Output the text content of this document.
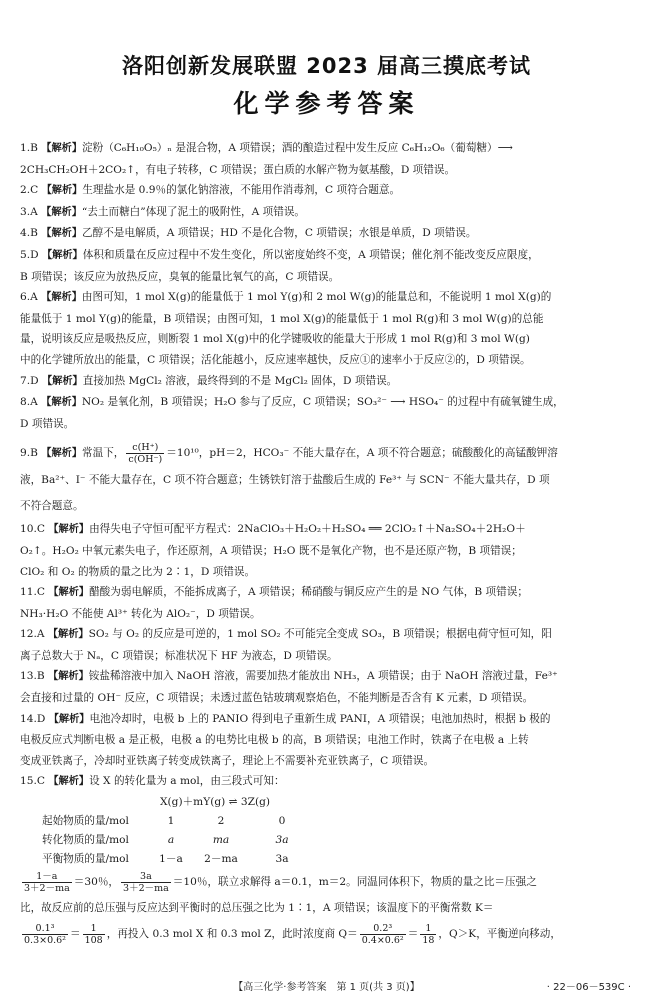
洛阳创新发展联盟 2023 届高三摸底考试
化学参考答案
1.B 【解析】淀粉（C₆H₁₀O₅）ₙ 是混合物，A 项错误；酒的酿造过程中发生反应 C₆H₁₂O₆（葡萄糖）⟶
2CH₃CH₂OH＋2CO₂↑，有电子转移，C 项错误；蛋白质的水解产物为氨基酸，D 项错误。
2.C 【解析】生理盐水是 0.9％的氯化钠溶液，不能用作消毒剂，C 项符合题意。
3.A 【解析】“去土而糖白”体现了泥土的吸附性，A 项错误。
4.B 【解析】乙醇不是电解质，A 项错误；HD 不是化合物，C 项错误；水银是单质，D 项错误。
5.D 【解析】体积和质量在反应过程中不发生变化，所以密度始终不变，A 项错误；催化剂不能改变反应限度，
B 项错误；该反应为放热反应，臭氧的能量比氧气的高，C 项错误。
6.A 【解析】由图可知，1 mol X(g)的能量低于 1 mol Y(g)和 2 mol W(g)的能量总和，不能说明 1 mol X(g)的
能量低于 1 mol Y(g)的能量，B 项错误；由图可知，1 mol X(g)的能量低于 1 mol R(g)和 3 mol W(g)的总能
量，说明该反应是吸热反应，则断裂 1 mol X(g)中的化学键吸收的能量大于形成 1 mol R(g)和 3 mol W(g)
中的化学键所放出的能量，C 项错误；活化能越小，反应速率越快，反应①的速率小于反应②的，D 项错误。
7.D 【解析】直接加热 MgCl₂ 溶液，最终得到的不是 MgCl₂ 固体，D 项错误。
8.A 【解析】NO₂ 是氧化剂，B 项错误；H₂O 参与了反应，C 项错误；SO₃²⁻ ⟶ HSO₄⁻ 的过程中有硫氧键生成，
D 项错误。
9.B 【解析】常温下， $\frac{c(H^+)}{c(OH^-)} =10^{10}$，pH＝2，HCO₃⁻ 不能大量存在，A 项不符合题意；硫酸酸化的高锰酸钾溶
液，Ba²⁺、I⁻ 不能大量存在，C 项不符合题意；生锈铁钉溶于盐酸后生成的 Fe³⁺ 与 SCN⁻ 不能大量共存，D 项
不符合题意。
10.C 【解析】由得失电子守恒可配平方程式：2NaClO₃＋H₂O₂＋H₂SO₄ ══ 2ClO₂↑＋Na₂SO₄＋2H₂O＋
O₂↑。H₂O₂ 中氧元素失电子，作还原剂，A 项错误；H₂O 既不是氧化产物，也不是还原产物，B 项错误；
ClO₂ 和 O₂ 的物质的量之比为 2∶1，D 项错误。
11.C 【解析】醋酸为弱电解质，不能拆成离子，A 项错误；稀硝酸与铜反应产生的是 NO 气体，B 项错误；
NH₃·H₂O 不能使 Al³⁺ 转化为 AlO₂⁻，D 项错误。
12.A 【解析】SO₂ 与 O₂ 的反应是可逆的，1 mol SO₂ 不可能完全变成 SO₃，B 项错误；根据电荷守恒可知，阳
离子总数大于 Nₐ，C 项错误；标准状况下 HF 为液态，D 项错误。
13.B 【解析】铵盐稀溶液中加入 NaOH 溶液，需要加热才能放出 NH₃，A 项错误；由于 NaOH 溶液过量，Fe³⁺
会直接和过量的 OH⁻ 反应，C 项错误；未透过蓝色钴玻璃观察焰色，不能判断是否含有 K 元素，D 项错误。
14.D 【解析】电池冷却时，电极 b 上的 PANIO 得到电子重新生成 PANI，A 项错误；电池加热时，根据 b 极的
电极反应式判断电极 a 是正极，电极 a 的电势比电极 b 的高，B 项错误；电池工作时，铁离子在电极 a 上转
变成亚铁离子，冷却时亚铁离子转变成铁离子，理论上不需要补充亚铁离子，C 项错误。
15.C 【解析】设 X 的转化量为 a mol，由三段式可知：
X(g)＋mY(g) ⇌ 3Z(g)
起始物质的量/mol	1	2	0
转化物质的量/mol	a	ma	3a
平衡物质的量/mol	1－a	2－ma	3a
$\frac{1-a}{3+2-ma} =30$％， $\frac{3a}{3+2-ma} =10$％，联立求解得 a＝0.1，m＝2。同温同体积下，物质的量之比＝压强之
比，故反应前的总压强与反应达到平衡时的总压强之比为 1∶1，A 项错误；该温度下的平衡常数 K＝

$\frac{\text{0.1³}}{\text{0.3×0.6²}} = \frac{1}{108}$ ，再投入 0.3 mol X 和 0.3 mol Z，此时浓度商 $Q= \frac{\text{0.2³}}{\text{0.4×0.6²}} = \frac{1}{18}$ ，Q＞K，平衡逆向移动，
【高三化学·参考答案　第 1 页(共 3 页)】	· 22－06－539C ·
